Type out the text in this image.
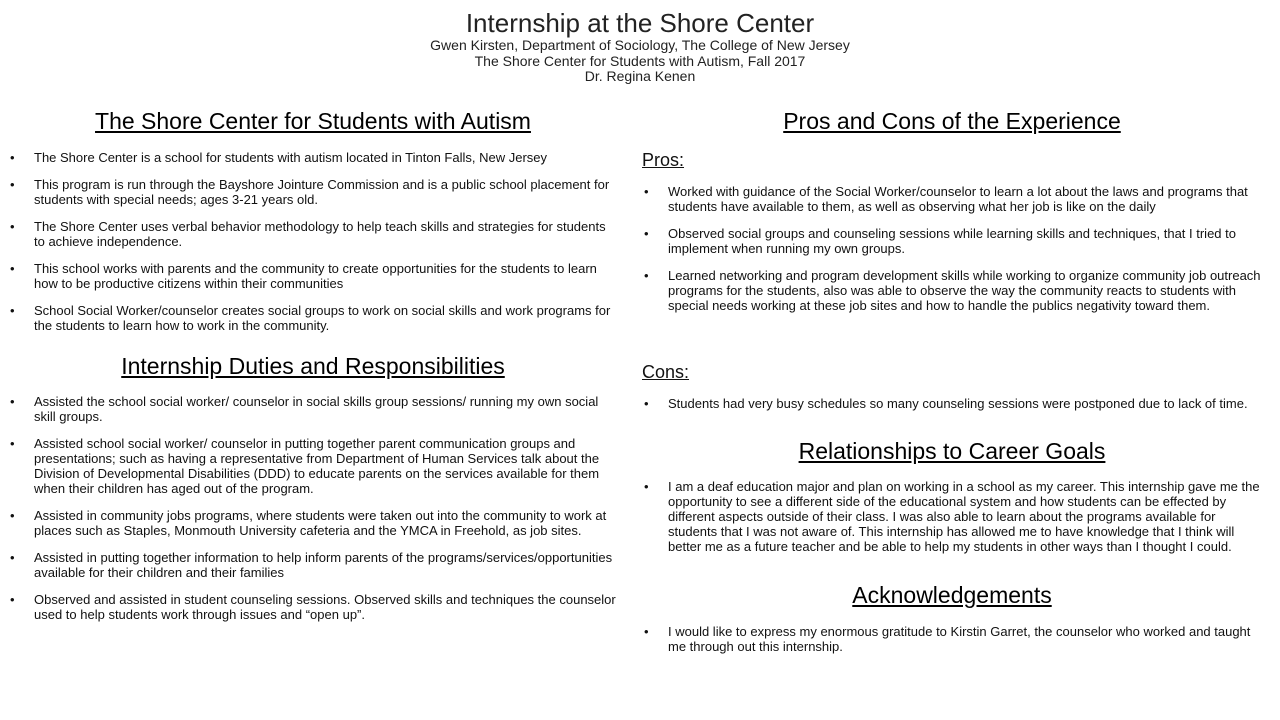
Internship at the Shore Center
Gwen Kirsten, Department of Sociology, The College of New Jersey
The Shore Center for Students with Autism, Fall 2017
Dr. Regina Kenen
The Shore Center for Students with Autism
• The Shore Center is a school for students with autism located in Tinton Falls, New Jersey
• This program is run through the Bayshore Jointure Commission and is a public school placement for students with special needs; ages 3-21 years old.
• The Shore Center uses verbal behavior methodology to help teach skills and strategies for students to achieve independence.
• This school works with parents and the community to create opportunities for the students to learn how to be productive citizens within their communities
• School Social Worker/counselor creates social groups to work on social skills and work programs for the students to learn how to work in the community.
Internship Duties and Responsibilities
• Assisted the school social worker/ counselor in social skills group sessions/ running my own social skill groups.
• Assisted school social worker/ counselor in putting together parent communication groups and presentations; such as having a representative from Department of Human Services talk about the Division of Developmental Disabilities (DDD) to educate parents on the services available for them when their children has aged out of the program.
• Assisted in community jobs programs, where students were taken out into the community to work at places such as Staples, Monmouth University cafeteria and the YMCA in Freehold, as job sites.
• Assisted in putting together information to help inform parents of the programs/services/opportunities available for their children and their families
• Observed and assisted in student counseling sessions. Observed skills and techniques the counselor used to help students work through issues and “open up”.
Pros and Cons of the Experience
Pros:
• Worked with guidance of the Social Worker/counselor to learn a lot about the laws and programs that students have available to them, as well as observing what her job is like on the daily
• Observed social groups and counseling sessions while learning skills and techniques, that I tried to implement when running my own groups.
• Learned networking and program development skills while working to organize community job outreach programs for the students, also was able to observe the way the community reacts to students with special needs working at these job sites and how to handle the publics negativity toward them.
Cons:
• Students had very busy schedules so many counseling sessions were postponed due to lack of time.
Relationships to Career Goals
• I am a deaf education major and plan on working in a school as my career. This internship gave me the opportunity to see a different side of the educational system and how students can be effected by different aspects outside of their class. I was also able to learn about the programs available for students that I was not aware of. This internship has allowed me to have knowledge that I think will better me as a future teacher and be able to help my students in other ways than I thought I could.
Acknowledgements
• I would like to express my enormous gratitude to Kirstin Garret, the counselor who worked and taught me through out this internship.
